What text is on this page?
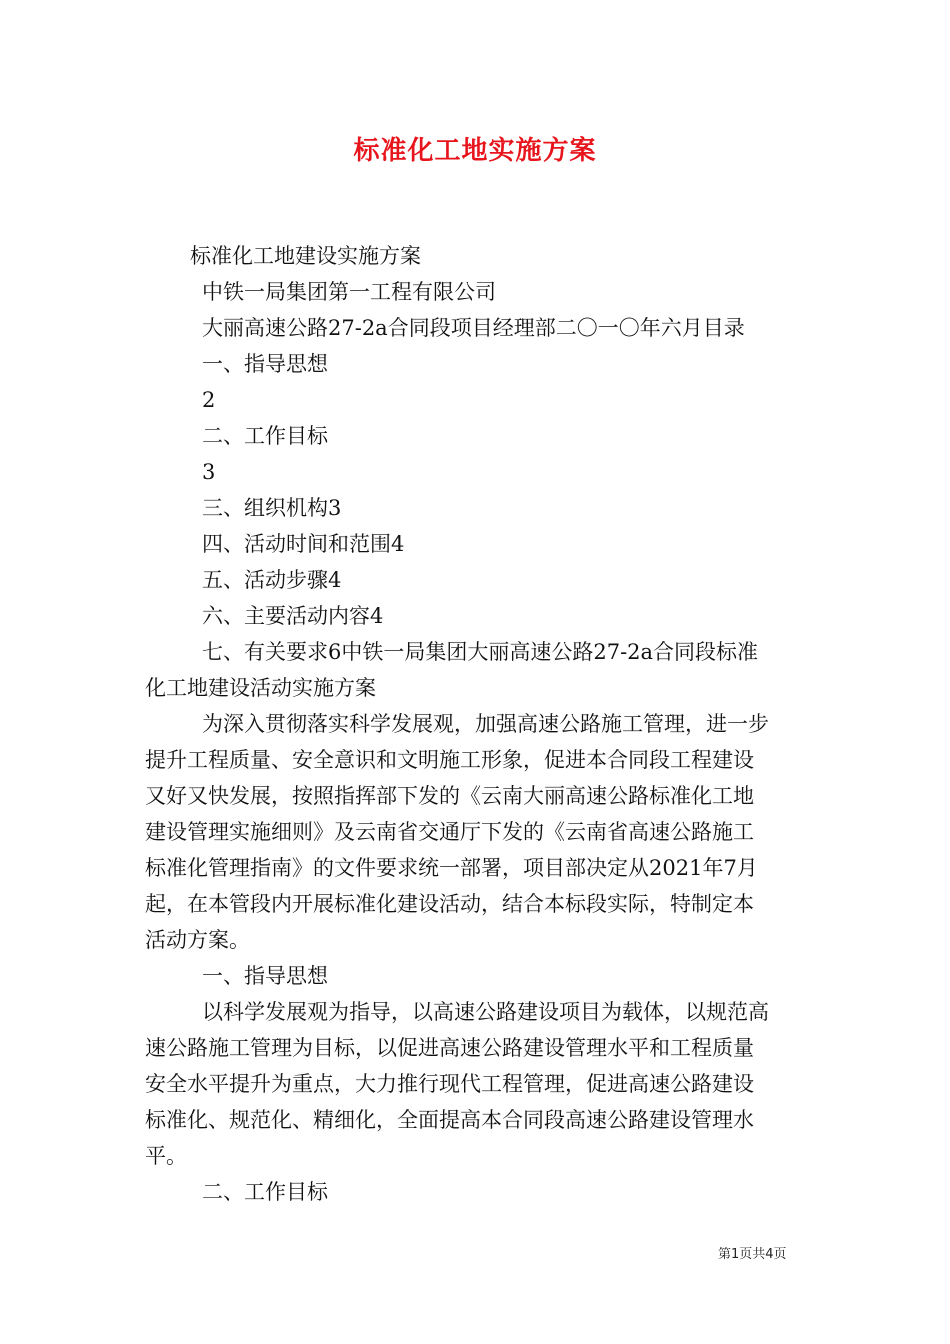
标准化工地实施方案
标准化工地建设实施方案
中铁一局集团第一工程有限公司
大丽高速公路27-2a合同段项目经理部二〇一〇年六月目录
一、指导思想
2
二、工作目标
3
三、组织机构3
四、活动时间和范围4
五、活动步骤4
六、主要活动内容4
七、有关要求6中铁一局集团大丽高速公路27-2a合同段标准
化工地建设活动实施方案
为深入贯彻落实科学发展观，加强高速公路施工管理，进一步
提升工程质量、安全意识和文明施工形象，促进本合同段工程建设
又好又快发展，按照指挥部下发的《云南大丽高速公路标准化工地
建设管理实施细则》及云南省交通厅下发的《云南省高速公路施工
标准化管理指南》的文件要求统一部署，项目部决定从2021年7月
起，在本管段内开展标准化建设活动，结合本标段实际，特制定本
活动方案。
一、指导思想
以科学发展观为指导，以高速公路建设项目为载体，以规范高
速公路施工管理为目标，以促进高速公路建设管理水平和工程质量
安全水平提升为重点，大力推行现代工程管理，促进高速公路建设
标准化、规范化、精细化，全面提高本合同段高速公路建设管理水
平。
二、工作目标
第1页共4页
